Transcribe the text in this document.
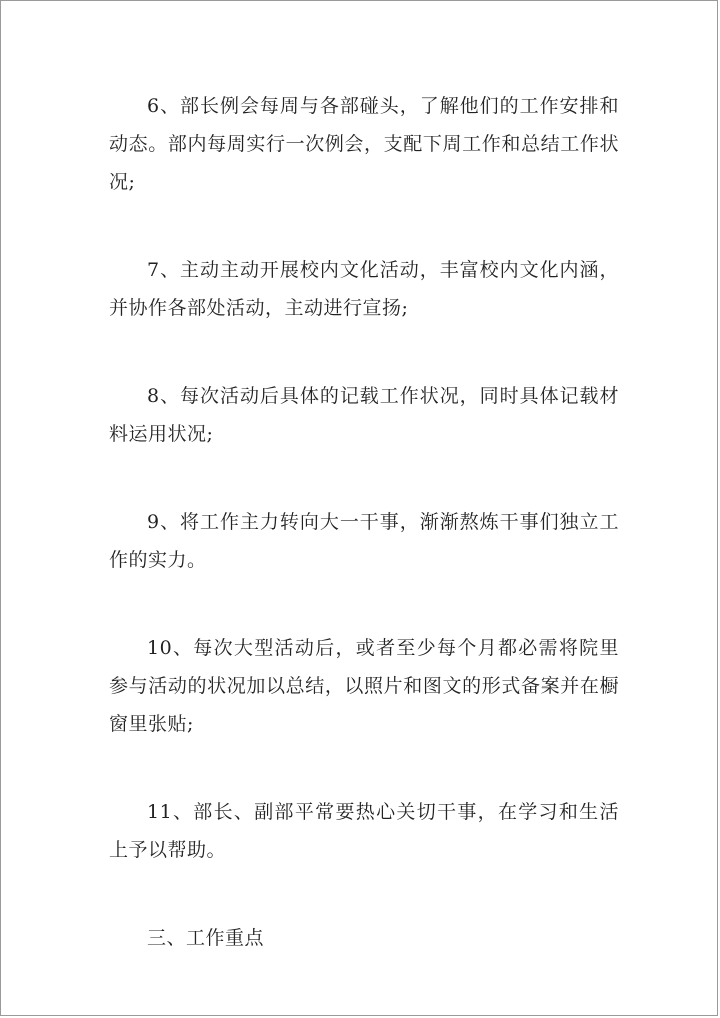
6、部长例会每周与各部碰头，了解他们的工作安排和动态。部内每周实行一次例会，支配下周工作和总结工作状况;

7、主动主动开展校内文化活动，丰富校内文化内涵，并协作各部处活动，主动进行宣扬;

8、每次活动后具体的记载工作状况，同时具体记载材料运用状况;

9、将工作主力转向大一干事，渐渐熬炼干事们独立工作的实力。

10、每次大型活动后，或者至少每个月都必需将院里参与活动的状况加以总结，以照片和图文的形式备案并在橱窗里张贴;

11、部长、副部平常要热心关切干事，在学习和生活上予以帮助。

三、工作重点
